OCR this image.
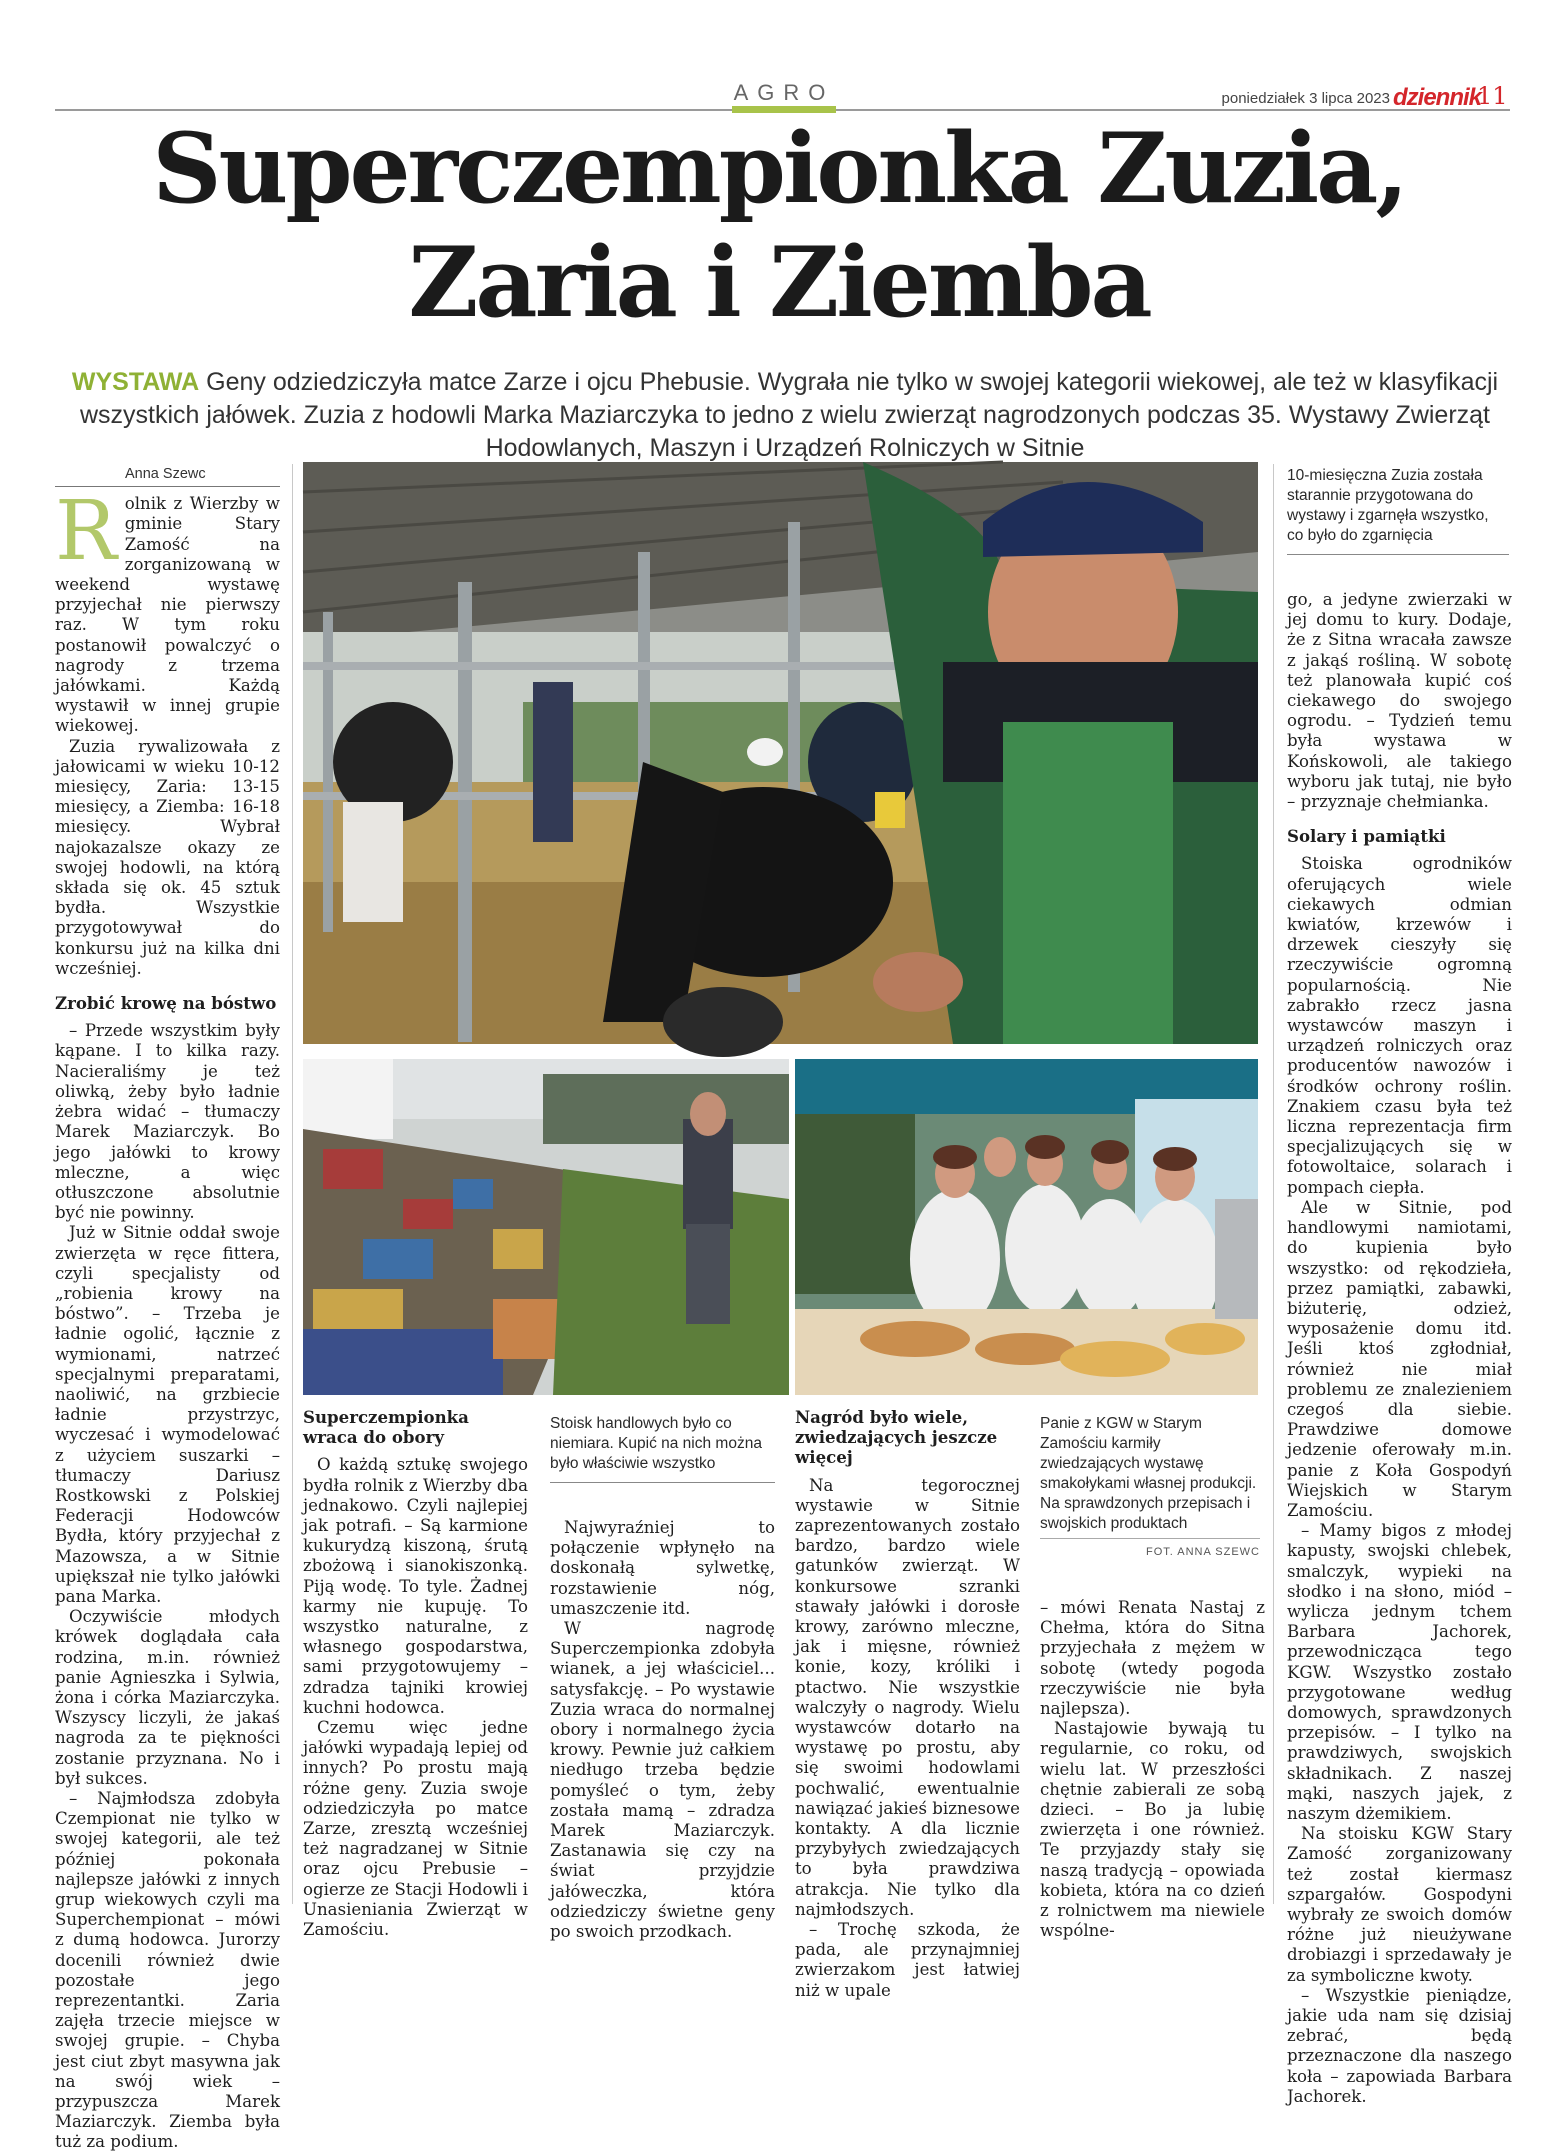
AGRO	poniedziałek 3 lipca 2023 dziennik
11
Superczempionka Zuzia,
Zaria i Ziemba
WYSTAWA Geny odziedziczyła matce Zarze i ojcu Phebusie. Wygrała nie tylko w swojej kategorii wiekowej, ale też w klasyfikacji wszystkich jałówek. Zuzia z hodowli Marka Maziarczyka to jedno z wielu zwierząt nagrodzonych podczas 35. Wystawy Zwierząt Hodowlanych, Maszyn i Urządzeń Rolniczych w Sitnie
Anna Szewc

Rolnik z Wierzby w gminie Stary Zamość na zorganizowaną w weekend wystawę przyjechał nie pierwszy raz. W tym roku postanowił powalczyć o nagrody z trzema jałówkami. Każdą wystawił w innej grupie wiekowej.

Zuzia rywalizowała z jałowicami w wieku 10-12 miesięcy, Zaria: 13-15 miesięcy, a Ziemba: 16-18 miesięcy. Wybrał najokazalsze okazy ze swojej hodowli, na którą składa się ok. 45 sztuk bydła. Wszystkie przygotowywał do konkursu już na kilka dni wcześniej.

Zrobić krowę na bóstwo

– Przede wszystkim były kąpane. I to kilka razy. Nacieraliśmy je też oliwką, żeby było ładnie żebra widać – tłumaczy Marek Maziarczyk. Bo jego jałówki to krowy mleczne, a więc otłuszczone absolutnie być nie powinny.

Już w Sitnie oddał swoje zwierzęta w ręce fittera, czyli specjalisty od „robienia krowy na bóstwo”. – Trzeba je ładnie ogolić, łącznie z wymionami, natrzeć specjalnymi preparatami, naoliwić, na grzbiecie ładnie przystrzyc, wyczesać i wymodelować z użyciem suszarki – tłumaczy Dariusz Rostkowski z Polskiej Federacji Hodowców Bydła, który przyjechał z Mazowsza, a w Sitnie upiększał nie tylko jałówki pana Marka.

Oczywiście młodych krówek doglądała cała rodzina, m.in. również panie Agnieszka i Sylwia, żona i córka Maziarczyka. Wszyscy liczyli, że jakaś nagroda za te piękności zostanie przyznana. No i był sukces.

– Najmłodsza zdobyła Czempionat nie tylko w swojej kategorii, ale też później pokonała najlepsze jałówki z innych grup wiekowych czyli ma Superchempionat – mówi z dumą hodowca. Jurorzy docenili również dwie pozostałe jego reprezentantki. Zaria zajęła trzecie miejsce w swojej grupie. – Chyba jest ciut zbyt masywna jak na swój wiek – przypuszcza Marek Maziarczyk. Ziemba była tuż za podium.

Superczempionka wraca do obory

O każdą sztukę swojego bydła rolnik z Wierzby dba jednakowo. Czyli najlepiej jak potrafi. – Są karmione kukurydzą kiszoną, śrutą zbożową i sianokiszonką. Piją wodę. To tyle. Żadnej karmy nie kupuję. To wszystko naturalne, z własnego gospodarstwa, sami przygotowujemy – zdradza tajniki krowiej kuchni hodowca.

Czemu więc jedne jałówki wypadają lepiej od innych? Po prostu mają różne geny. Zuzia swoje odziedziczyła po matce Zarze, zresztą wcześniej też nagradzanej w Sitnie oraz ojcu Prebusie – ogierze ze Stacji Hodowli i Unasieniania Zwierząt w Zamościu.

Stoisk handlowych było co niemiara. Kupić na nich można było właściwie wszystko

Najwyraźniej to połączenie wpłynęło na doskonałą sylwetkę, rozstawienie nóg, umaszczenie itd.

W nagrodę Superczempionka zdobyła wianek, a jej właściciel... satysfakcję. – Po wystawie Zuzia wraca do normalnej obory i normalnego życia krowy. Pewnie już całkiem niedługo trzeba będzie pomyśleć o tym, żeby została mamą – zdradza Marek Maziarczyk. Zastanawia się czy na świat przyjdzie jałóweczka, która odziedziczy świetne geny po swoich przodkach.

Nagród było wiele, zwiedzających jeszcze więcej

Na tegorocznej wystawie w Sitnie zaprezentowanych zostało bardzo, bardzo wiele gatunków zwierząt. W konkursowe szranki stawały jałówki i dorosłe krowy, zarówno mleczne, jak i mięsne, również konie, kozy, króliki i ptactwo. Nie wszystkie walczyły o nagrody. Wielu wystawców dotarło na wystawę po prostu, aby się swoimi hodowlami pochwalić, ewentualnie nawiązać jakieś biznesowe kontakty. A dla licznie przybyłych zwiedzających to była prawdziwa atrakcja. Nie tylko dla najmłodszych.

– Trochę szkoda, że pada, ale przynajmniej zwierzakom jest łatwiej niż w upale

Panie z KGW w Starym Zamościu karmiły zwiedzających wystawę smakołykami własnej produkcji. Na sprawdzonych przepisach i swojskich produktach
FOT. ANNA SZEWC

– mówi Renata Nastaj z Chełma, która do Sitna przyjechała z mężem w sobotę (wtedy pogoda rzeczywiście nie była najlepsza).

Nastajowie bywają tu regularnie, co roku, od wielu lat. W przeszłości chętnie zabierali ze sobą dzieci. – Bo ja lubię zwierzęta i one również. Te przyjazdy stały się naszą tradycją – opowiada kobieta, która na co dzień z rolnictwem ma niewiele wspólne-

10-miesięczna Zuzia została starannie przygotowana do wystawy i zgarnęła wszystko, co było do zgarnięcia

go, a jedyne zwierzaki w jej domu to kury. Dodaje, że z Sitna wracała zawsze z jakąś rośliną. W sobotę też planowała kupić coś ciekawego do swojego ogrodu. – Tydzień temu była wystawa w Końskowoli, ale takiego wyboru jak tutaj, nie było – przyznaje chełmianka.

Solary i pamiątki

Stoiska ogrodników oferujących wiele ciekawych odmian kwiatów, krzewów i drzewek cieszyły się rzeczywiście ogromną popularnością. Nie zabrakło rzecz jasna wystawców maszyn i urządzeń rolniczych oraz producentów nawozów i środków ochrony roślin. Znakiem czasu była też liczna reprezentacja firm specjalizujących się w fotowoltaice, solarach i pompach ciepła.

Ale w Sitnie, pod handlowymi namiotami, do kupienia było wszystko: od rękodzieła, przez pamiątki, zabawki, biżuterię, odzież, wyposażenie domu itd. Jeśli ktoś zgłodniał, również nie miał problemu ze znalezieniem czegoś dla siebie. Prawdziwe domowe jedzenie oferowały m.in. panie z Koła Gospodyń Wiejskich w Starym Zamościu.

– Mamy bigos z młodej kapusty, swojski chlebek, smalczyk, wypieki na słodko i na słono, miód – wylicza jednym tchem Barbara Jachorek, przewodnicząca tego KGW. Wszystko zostało przygotowane według domowych, sprawdzonych przepisów. – I tylko na prawdziwych, swojskich składnikach. Z naszej mąki, naszych jajek, z naszym dżemikiem.

Na stoisku KGW Stary Zamość zorganizowany też został kiermasz szpargałów. Gospodyni wybrały ze swoich domów różne już nieużywane drobiazgi i sprzedawały je za symboliczne kwoty.

– Wszystkie pieniądze, jakie uda nam się dzisiaj zebrać, będą przeznaczone dla naszego koła – zapowiada Barbara Jachorek.
